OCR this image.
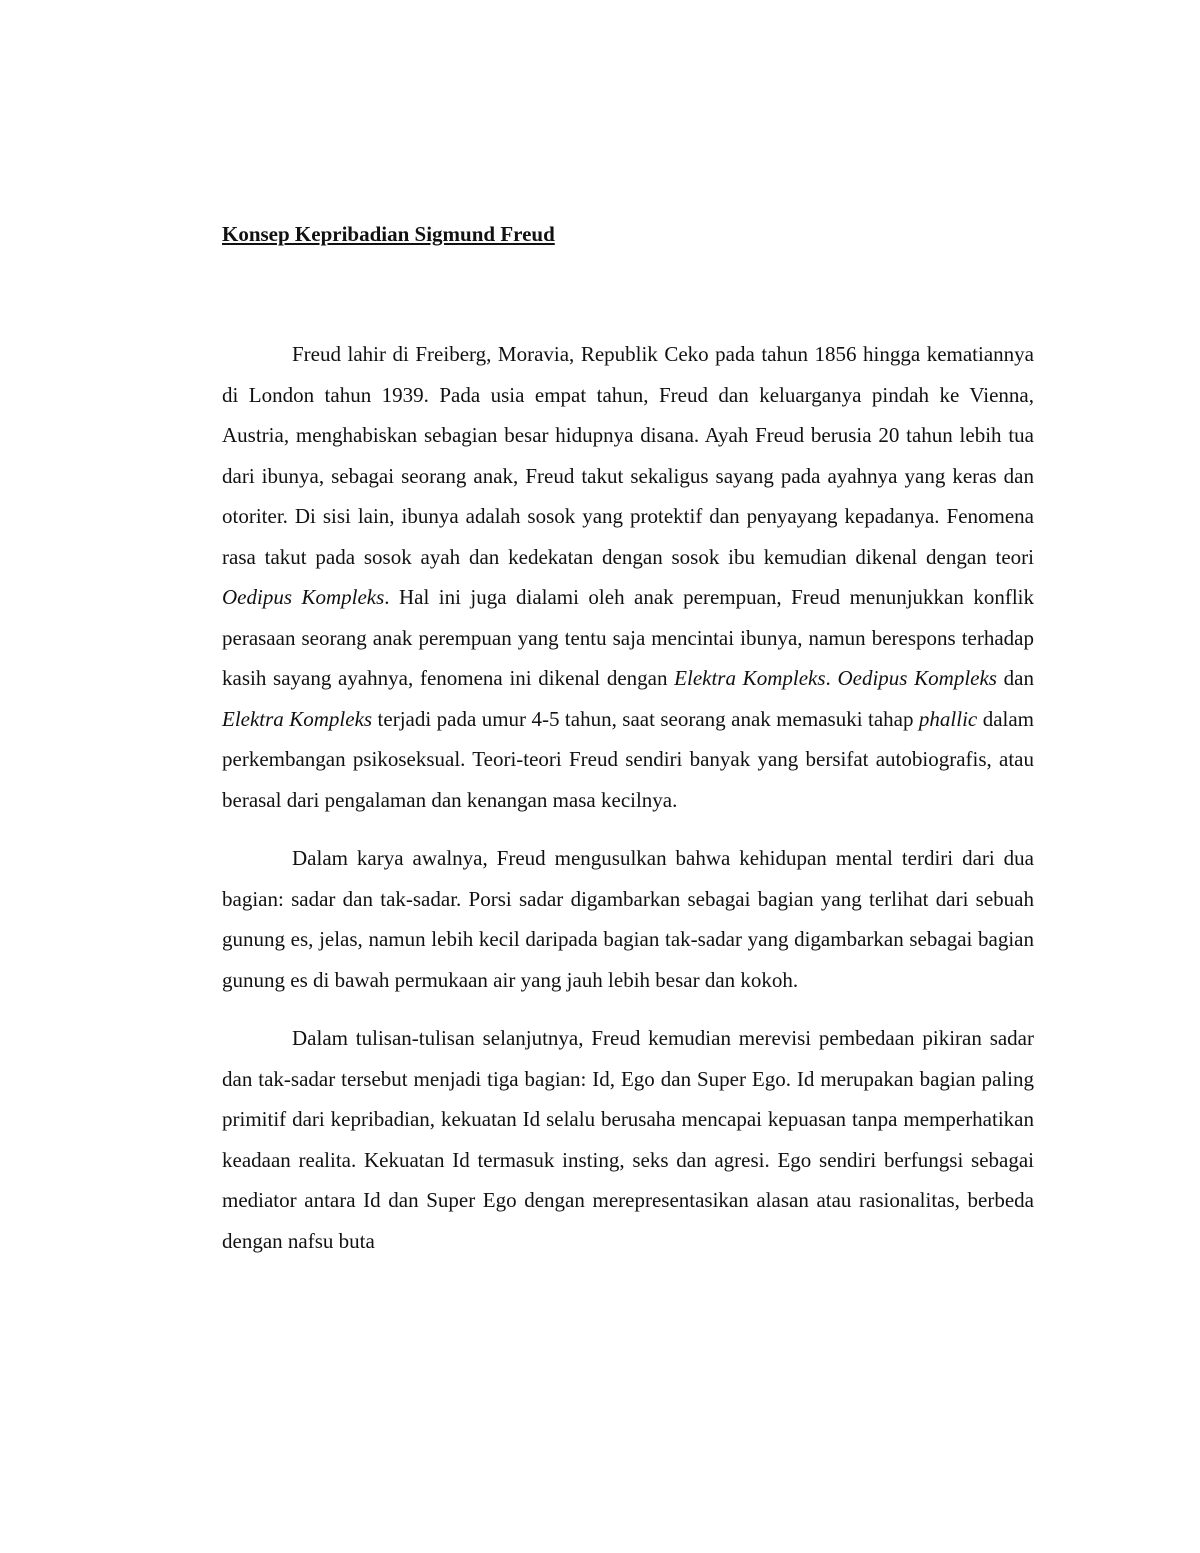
Konsep Kepribadian Sigmund Freud

Freud lahir di Freiberg, Moravia, Republik Ceko pada tahun 1856 hingga kematiannya di London tahun 1939. Pada usia empat tahun, Freud dan keluarganya pindah ke Vienna, Austria, menghabiskan sebagian besar hidupnya disana. Ayah Freud berusia 20 tahun lebih tua dari ibunya, sebagai seorang anak, Freud takut sekaligus sayang pada ayahnya yang keras dan otoriter. Di sisi lain, ibunya adalah sosok yang protektif dan penyayang kepadanya. Fenomena rasa takut pada sosok ayah dan kedekatan dengan sosok ibu kemudian dikenal dengan teori Oedipus Kompleks. Hal ini juga dialami oleh anak perempuan, Freud menunjukkan konflik perasaan seorang anak perempuan yang tentu saja mencintai ibunya, namun berespons terhadap kasih sayang ayahnya, fenomena ini dikenal dengan Elektra Kompleks. Oedipus Kompleks dan Elektra Kompleks terjadi pada umur 4-5 tahun, saat seorang anak memasuki tahap phallic dalam perkembangan psikoseksual. Teori-teori Freud sendiri banyak yang bersifat autobiografis, atau berasal dari pengalaman dan kenangan masa kecilnya.

Dalam karya awalnya, Freud mengusulkan bahwa kehidupan mental terdiri dari dua bagian: sadar dan tak-sadar. Porsi sadar digambarkan sebagai bagian yang terlihat dari sebuah gunung es, jelas, namun lebih kecil daripada bagian tak-sadar yang digambarkan sebagai bagian gunung es di bawah permukaan air yang jauh lebih besar dan kokoh.

Dalam tulisan-tulisan selanjutnya, Freud kemudian merevisi pembedaan pikiran sadar dan tak-sadar tersebut menjadi tiga bagian: Id, Ego dan Super Ego. Id merupakan bagian paling primitif dari kepribadian, kekuatan Id selalu berusaha mencapai kepuasan tanpa memperhatikan keadaan realita. Kekuatan Id termasuk insting, seks dan agresi. Ego sendiri berfungsi sebagai mediator antara Id dan Super Ego dengan merepresentasikan alasan atau rasionalitas, berbeda dengan nafsu buta
